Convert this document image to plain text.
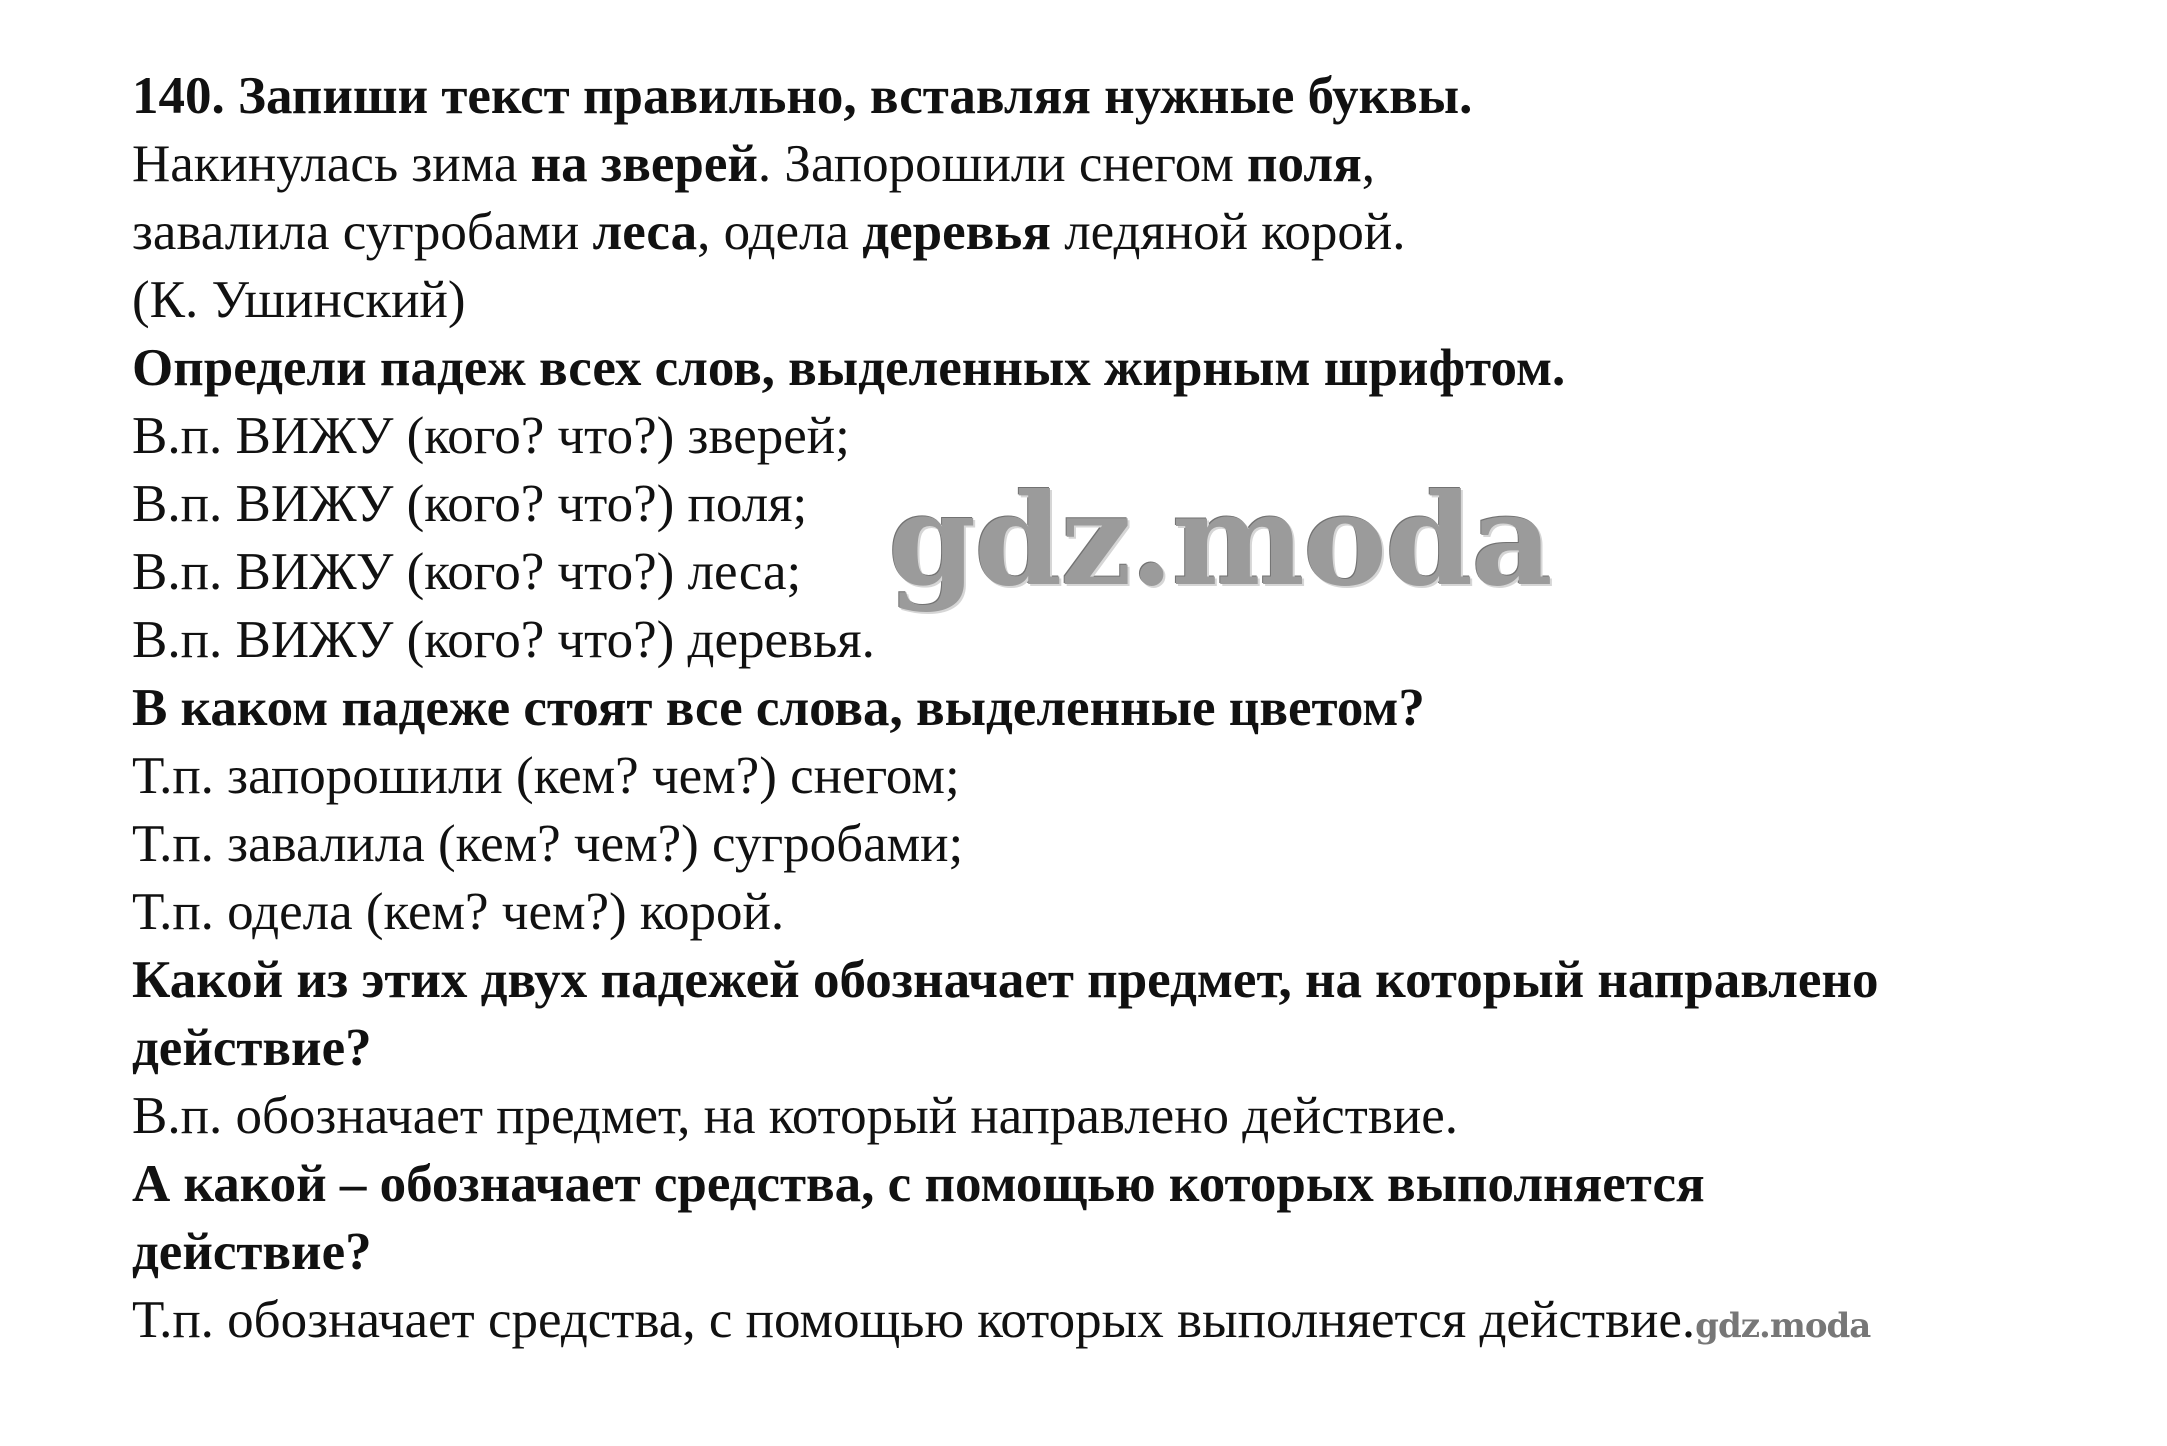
140. Запиши текст правильно, вставляя нужные буквы.
Накинулась зима на зверей. Запорошили снегом поля,
завалила сугробами леса, одела деревья ледяной корой.
(К. Ушинский)
Определи падеж всех слов, выделенных жирным шрифтом.
В.п. ВИЖУ (кого? что?) зверей;
В.п. ВИЖУ (кого? что?) поля;
В.п. ВИЖУ (кого? что?) леса;
В.п. ВИЖУ (кого? что?) деревья.
В каком падеже стоят все слова, выделенные цветом?
Т.п. запорошили (кем? чем?) снегом;
Т.п. завалила (кем? чем?) сугробами;
Т.п. одела (кем? чем?) корой.
Какой из этих двух падежей обозначает предмет, на который направлено
действие?
В.п. обозначает предмет, на который направлено действие.
А какой – обозначает средства, с помощью которых выполняется
действие?
Т.п. обозначает средства, с помощью которых выполняется действие.gdz.moda
gdz.moda
